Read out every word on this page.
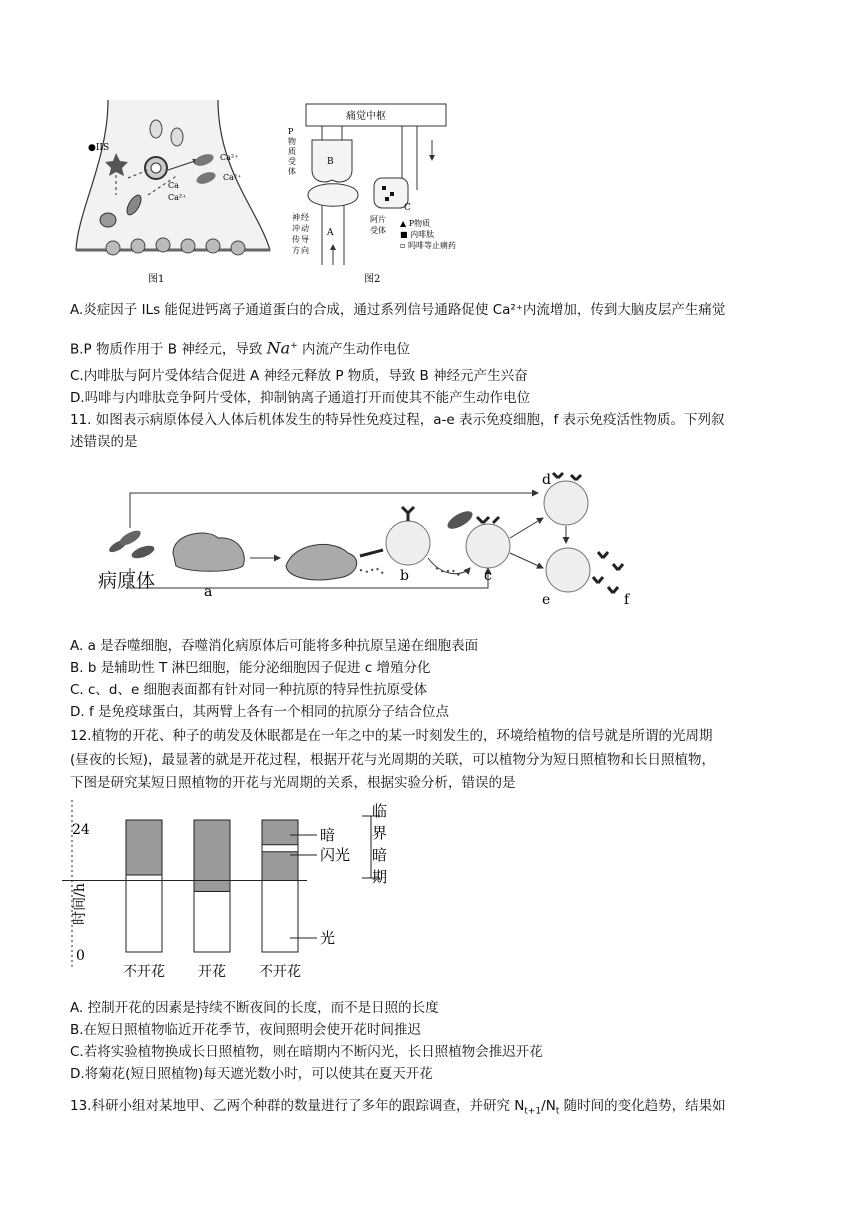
●IIS
Ca²⁺
Ca²⁺
Ca
Ca²⁺
图1
痛觉中枢
B
C
A
P
物
质
受
体
神 经
冲 动
传 导
方 向
阿片
受体
▲ P物质
■ 内啡肽
▫ 吗啡等止痛药
图2
A.炎症因子 ILs 能促进钙离子通道蛋白的合成，通过系列信号通路促使 Ca²⁺内流增加，传到大脑皮层产生痛觉
B.P 物质作用于 B 神经元，导致 Na+ 内流产生动作电位
C.内啡肽与阿片受体结合促进 A 神经元释放 P 物质，导致 B 神经元产生兴奋
D.吗啡与内啡肽竞争阿片受体，抑制钠离子通道打开而使其不能产生动作电位
11. 如图表示病原体侵入人体后机体发生的特异性免疫过程，a-e 表示免疫细胞，f 表示免疫活性物质。下列叙
述错误的是
a
b	c
d
e	f
病原体
A. a 是吞噬细胞，吞噬消化病原体后可能将多种抗原呈递在细胞表面
B. b 是辅助性 T 淋巴细胞，能分泌细胞因子促进 c 增殖分化
C. c、d、e 细胞表面都有针对同一种抗原的特异性抗原受体
D. f 是免疫球蛋白，其两臂上各有一个相同的抗原分子结合位点
12.植物的开花、种子的萌发及休眠都是在一年之中的某一时刻发生的，环境给植物的信号就是所谓的光周期
(昼夜的长短)，最显著的就是开花过程，根据开花与光周期的关联，可以植物分为短日照植物和长日照植物，
下图是研究某短日照植物的开花与光周期的关系，根据实验分析，错误的是
不开花 开花 不开花
24
0
时间/h
临
界
暗
期
暗
闪光
光
A. 控制开花的因素是持续不断夜间的长度，而不是日照的长度
B.在短日照植物临近开花季节，夜间照明会使开花时间推迟
C.若将实验植物换成长日照植物，则在暗期内不断闪光，长日照植物会推迟开花
D.将菊花(短日照植物)每天遮光数小时，可以使其在夏天开花
13.科研小组对某地甲、乙两个种群的数量进行了多年的跟踪调查，并研究 $N_{t+1}/N_t$ 随时间的变化趋势，结果如
